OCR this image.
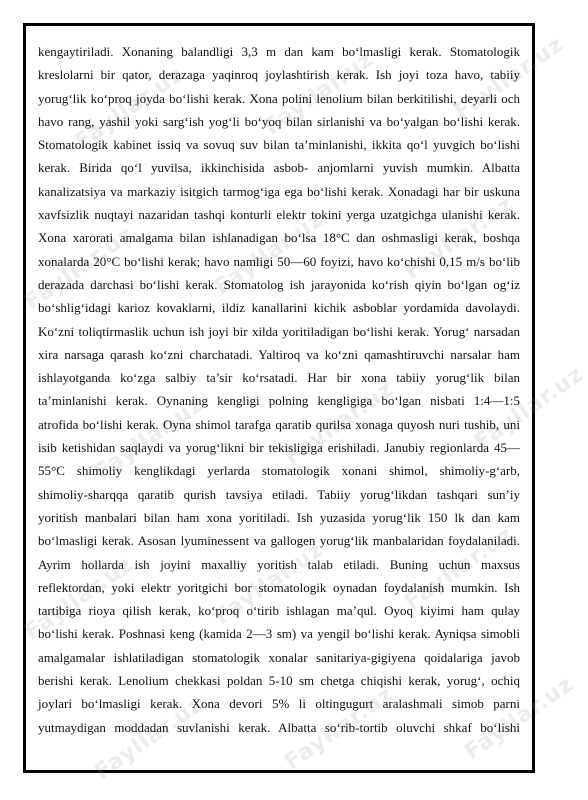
Fayllar.uz	Fayllar.uz	Fayllar.uz
Fayllar.uz	Fayllar.uz	Fayllar.uz
Fayllar.uz	Fayllar.uz	Fayllar.uz
Fayllar.uz	Fayllar.uz	Fayllar.uz
Fayllar.uz	Fayllar.uz	Fayllar.uz
kengaytiriladi. Xonaning balandligi 3,3 m dan kam bo‘lmasligi kerak. Stomatologik
kreslolarni bir qator, derazaga yaqinroq joylashtirish kerak. Ish joyi toza havo, tabiiy
yorug‘lik ko‘proq joyda bo‘lishi kerak. Xona polini lenolium bilan berkitilishi, deyarli och
havo rang, yashil yoki sarg‘ish yog‘li bo‘yoq bilan sirlanishi va bo‘yalgan bo‘lishi kerak.
Stomatologik kabinet issiq va sovuq suv bilan ta’minlanishi, ikkita qo‘l yuvgich bo‘lishi
kerak. Birida qo‘l yuvilsa, ikkinchisida asbob- anjomlarni yuvish mumkin. Albatta
kanalizatsiya va markaziy isitgich tarmog‘iga ega bo‘lishi kerak. Xonadagi har bir uskuna
xavfsizlik nuqtayi nazaridan tashqi konturli elektr tokini yerga uzatgichga ulanishi kerak.
Xona xarorati amalgama bilan ishlanadigan bo‘lsa 18°C dan oshmasligi kerak, boshqa
xonalarda 20°C bo‘lishi kerak; havo namligi 50—60 foyizi, havo ko‘chishi 0,15 m/s bo‘lib
derazada darchasi bo‘lishi kerak. Stomatolog ish jarayonida ko‘rish qiyin bo‘lgan og‘iz
bo‘shlig‘idagi karioz kovaklarni, ildiz kanallarini kichik asboblar yordamida davolaydi.
Ko‘zni toliqtirmaslik uchun ish joyi bir xilda yoritiladigan bo‘lishi kerak. Yorug‘ narsadan
xira narsaga qarash ko‘zni charchatadi. Yaltiroq va ko‘zni qamashtiruvchi narsalar ham
ishlayotganda ko‘zga salbiy ta’sir ko‘rsatadi. Har bir xona tabiiy yorug‘lik bilan
ta’minlanishi kerak. Oynaning kengligi polning kengligiga bo‘lgan nisbati 1:4—1:5
atrofida bo‘lishi kerak. Oyna shimol tarafga qaratib qurilsa xonaga quyosh nuri tushib, uni
isib ketishidan saqlaydi va yorug‘likni bir tekisligiga erishiladi. Janubiy regionlarda 45—
55°C shimoliy kenglikdagi yerlarda stomatologik xonani shimol, shimoliy-g‘arb,
shimoliy-sharqqa qaratib qurish tavsiya etiladi. Tabiiy yorug‘likdan tashqari sun’iy
yoritish manbalari bilan ham xona yoritiladi. Ish yuzasida yorug‘lik 150 lk dan kam
bo‘lmasligi kerak. Asosan lyuminessent va gallogen yorug‘lik manbalaridan foydalaniladi.
Ayrim hollarda ish joyini maxalliy yoritish talab etiladi. Buning uchun maxsus
reflektordan, yoki elektr yoritgichi bor stomatologik oynadan foydalanish mumkin. Ish
tartibiga rioya qilish kerak, ko‘proq o‘tirib ishlagan ma’qul. Oyoq kiyimi ham qulay
bo‘lishi kerak. Poshnasi keng (kamida 2—3 sm) va yengil bo‘lishi kerak. Ayniqsa simobli
amalgamalar ishlatiladigan stomatologik xonalar sanitariya-gigiyena qoidalariga javob
berishi kerak. Lenolium chekkasi poldan 5-10 sm chetga chiqishi kerak, yorug‘, ochiq
joylari bo‘lmasligi kerak. Xona devori 5% li oltingugurt aralashmali simob parni
yutmaydigan moddadan suvlanishi kerak. Albatta so‘rib-tortib oluvchi shkaf bo‘lishi
